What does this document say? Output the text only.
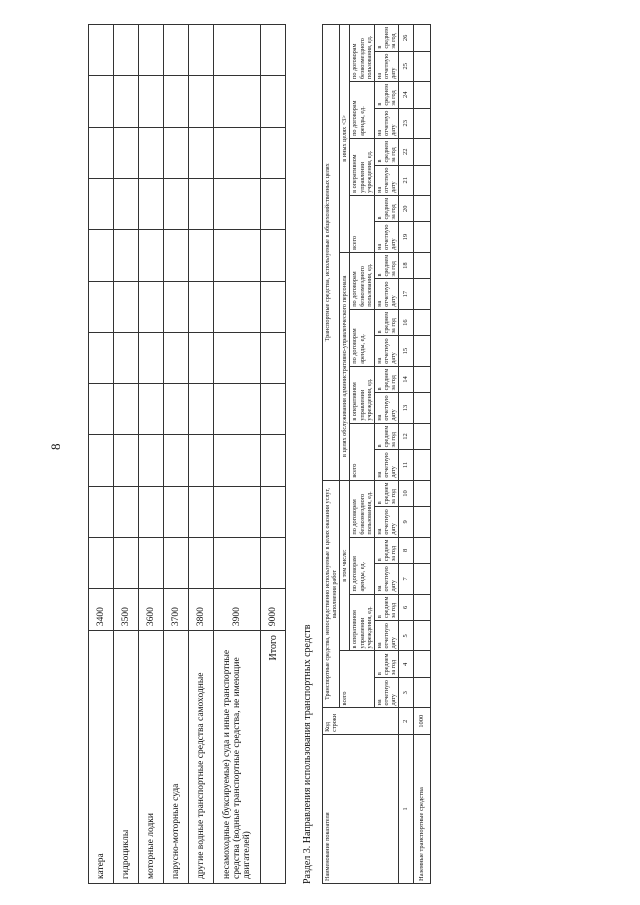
8
катера	3400											
гидроциклы	3500											
моторные лодки	3600											
парусно-моторные суда	3700											
другие водные транспортные средства самоходные	3800											
несамоходные (буксируемые) суда и иные транспортные средства (водные транспортные средства, не имеющие двигателей)	3900											
Итого	9000											
Раздел 3. Направления использования транспортных средств Наименование показателя	Код строки	Транспортные средства, непосредственно используемые в целях оказания услуг, выполнения работ								Транспортные средства, используемые в общехозяйственных целях															
		всего		в том числе:						в целях обслуживания административно-управленческого персонала								в иных целях <3>							
				в оперативном управлении учреждения, ед.		по договорам аренды, ед.		по договорам безвозмездного пользования, ед.		всего		в оперативном управлении учреждения, ед.		по договорам аренды, ед.		по договорам безвозмездного пользования, ед.		всего		в оперативном управлении учреждения, ед.		по договорам аренды, ед.		по договорам безвозмездного пользования, ед.	
		на отчетную дату	в среднем за год	на отчетную дату	в среднем за год	на отчетную дату	в среднем за год	на отчетную дату	в среднем за год	на отчетную дату	в среднем за год	на отчетную дату	в среднем за год	на отчетную дату	в среднем за год	на отчетную дату	в среднем за год	на отчетную дату	в среднем за год	на отчетную дату	в среднем за год	на отчетную дату	в среднем за год	на отчетную дату	в среднем за год
1	2	3	4	5	6	7	8	9	10	11	12	13	14	15	16	17	18	19	20	21	22	23	24	25	26
Наземные транспортные средства	1000																								
